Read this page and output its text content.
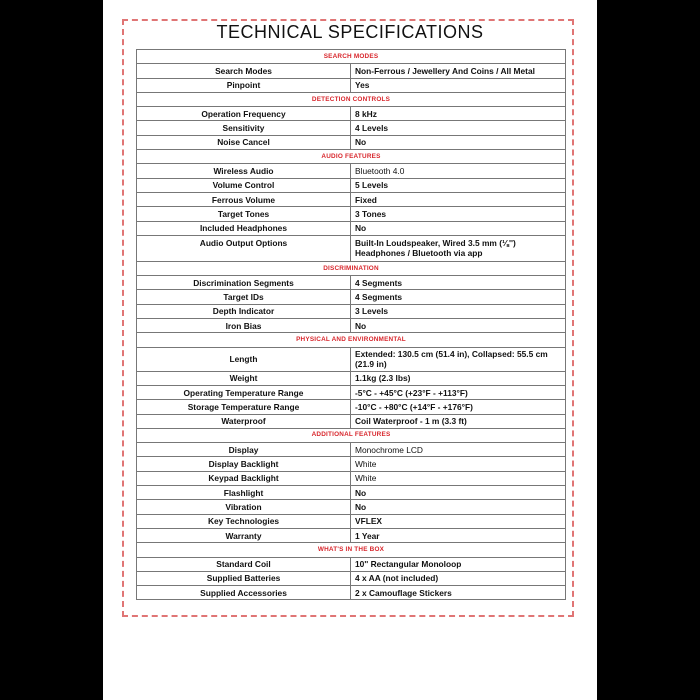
TECHNICAL SPECIFICATIONS
SEARCH MODES	
Search Modes	Non-Ferrous / Jewellery And Coins / All Metal
Pinpoint	Yes
DETECTION CONTROLS	
Operation Frequency	8 kHz
Sensitivity	4 Levels
Noise Cancel	No
AUDIO FEATURES	
Wireless Audio	Bluetooth 4.0
Volume Control	5 Levels
Ferrous Volume	Fixed
Target Tones	3 Tones
Included Headphones	No
Audio Output Options	Built-In Loudspeaker, Wired 3.5 mm (⅛'') Headphones / Bluetooth via app
DISCRIMINATION	
Discrimination Segments	4 Segments
Target IDs	4 Segments
Depth Indicator	3 Levels
Iron Bias	No
PHYSICAL AND ENVIRONMENTAL	
Length	Extended: 130.5 cm (51.4 in), Collapsed: 55.5 cm (21.9 in)
Weight	1.1kg (2.3 lbs)
Operating Temperature Range	-5°C - +45°C (+23°F - +113°F)
Storage Temperature Range	-10°C - +80°C (+14°F - +176°F)
Waterproof	Coil Waterproof - 1 m (3.3 ft)
ADDITIONAL FEATURES	
Display	Monochrome LCD
Display Backlight	White
Keypad Backlight	White
Flashlight	No
Vibration	No
Key Technologies	VFLEX
Warranty	1 Year
WHAT'S IN THE BOX	
Standard Coil	10'' Rectangular Monoloop
Supplied Batteries	4 x AA (not included)
Supplied Accessories	2 x Camouflage Stickers
